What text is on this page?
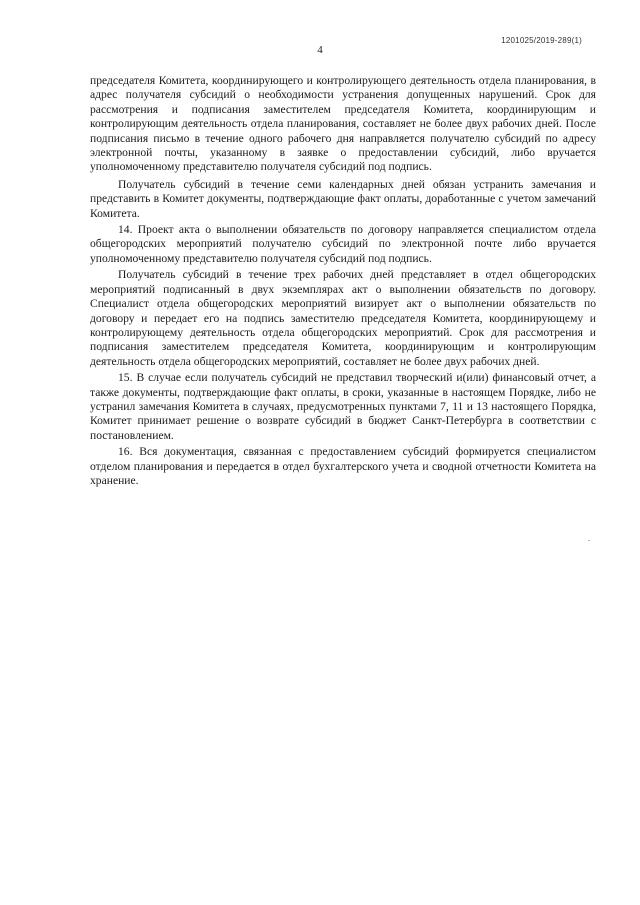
1201025/2019-289(1)
4

председателя Комитета, координирующего и контролирующего деятельность отдела планирования, в адрес получателя субсидий о необходимости устранения допущенных нарушений. Срок для рассмотрения и подписания заместителем председателя Комитета, координирующим и контролирующим деятельность отдела планирования, составляет не более двух рабочих дней. После подписания письмо в течение одного рабочего дня направляется получателю субсидий по адресу электронной почты, указанному в заявке о предоставлении субсидий, либо вручается уполномоченному представителю получателя субсидий под подпись.

Получатель субсидий в течение семи календарных дней обязан устранить замечания и представить в Комитет документы, подтверждающие факт оплаты, доработанные с учетом замечаний Комитета.

14. Проект акта о выполнении обязательств по договору направляется специалистом отдела общегородских мероприятий получателю субсидий по электронной почте либо вручается уполномоченному представителю получателя субсидий под подпись.

Получатель субсидий в течение трех рабочих дней представляет в отдел общегородских мероприятий подписанный в двух экземплярах акт о выполнении обязательств по договору. Специалист отдела общегородских мероприятий визирует акт о выполнении обязательств по договору и передает его на подпись заместителю председателя Комитета, координирующему и контролирующему деятельность отдела общегородских мероприятий. Срок для рассмотрения и подписания заместителем председателя Комитета, координирующим и контролирующим деятельность отдела общегородских мероприятий, составляет не более двух рабочих дней.

15. В случае если получатель субсидий не представил творческий и(или) финансовый отчет, а также документы, подтверждающие факт оплаты, в сроки, указанные в настоящем Порядке, либо не устранил замечания Комитета в случаях, предусмотренных пунктами 7, 11 и 13 настоящего Порядка, Комитет принимает решение о возврате субсидий в бюджет Санкт-Петербурга в соответствии с постановлением.

16. Вся документация, связанная с предоставлением субсидий формируется специалистом отделом планирования и передается в отдел бухгалтерского учета и сводной отчетности Комитета на хранение.
